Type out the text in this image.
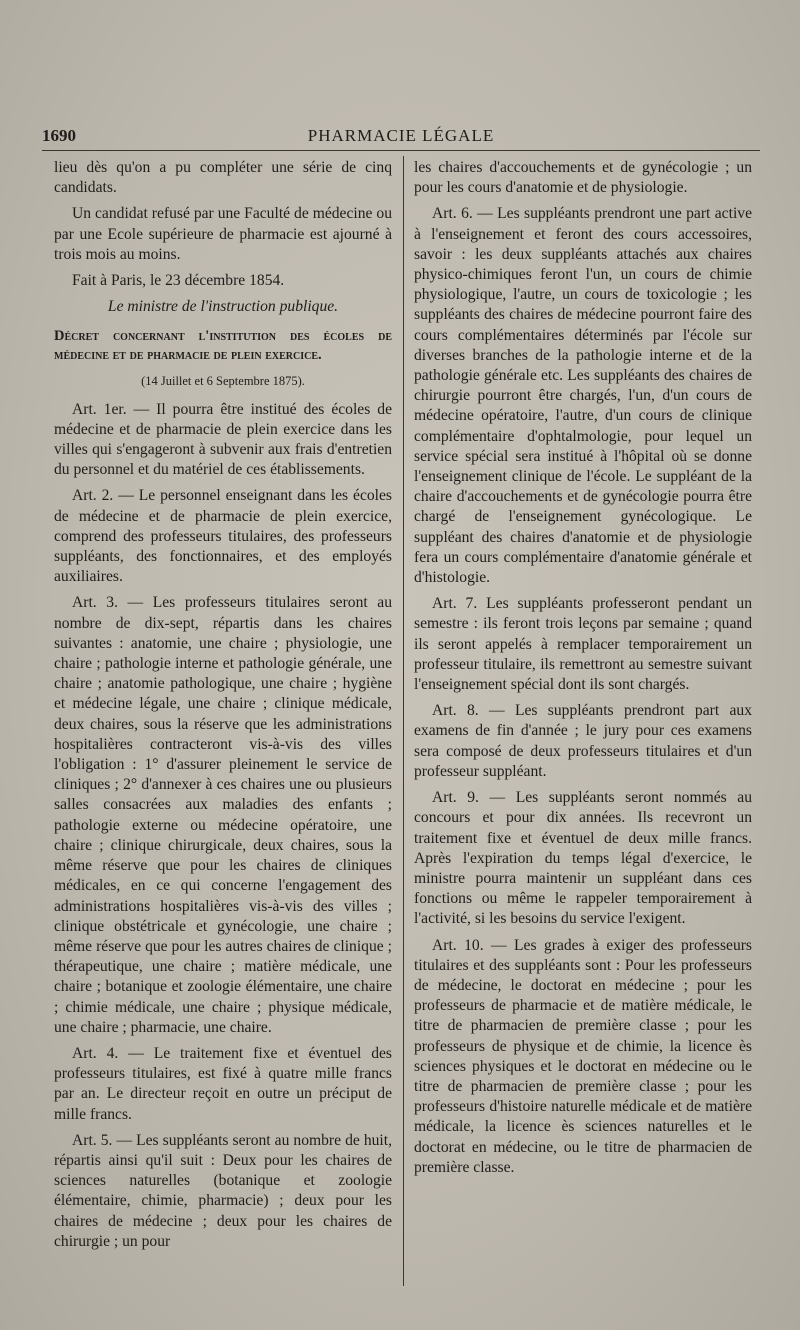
1690	PHARMACIE LÉGALE

lieu dès qu'on a pu compléter une série de cinq candidats.

Un candidat refusé par une Faculté de médecine ou par une Ecole supérieure de pharmacie est ajourné à trois mois au moins.

Fait à Paris, le 23 décembre 1854.

Le ministre de l'instruction publique.

Décret concernant l'institution des écoles de médecine et de pharmacie de plein exercice.

(14 Juillet et 6 Septembre 1875).

Art. 1er. — Il pourra être institué des écoles de médecine et de pharmacie de plein exercice dans les villes qui s'engageront à subvenir aux frais d'entretien du personnel et du matériel de ces établissements.

Art. 2. — Le personnel enseignant dans les écoles de médecine et de pharmacie de plein exercice, comprend des professeurs titulaires, des professeurs suppléants, des fonctionnaires, et des employés auxiliaires.

Art. 3. — Les professeurs titulaires seront au nombre de dix-sept, répartis dans les chaires suivantes : anatomie, une chaire ; physiologie, une chaire ; pathologie interne et pathologie générale, une chaire ; anatomie pathologique, une chaire ; hygiène et médecine légale, une chaire ; clinique médicale, deux chaires, sous la réserve que les administrations hospitalières contracteront vis-à-vis des villes l'obligation : 1° d'assurer pleinement le service de cliniques ; 2° d'annexer à ces chaires une ou plusieurs salles consacrées aux maladies des enfants ; pathologie externe ou médecine opératoire, une chaire ; clinique chirurgicale, deux chaires, sous la même réserve que pour les chaires de cliniques médicales, en ce qui concerne l'engagement des administrations hospitalières vis-à-vis des villes ; clinique obstétricale et gynécologie, une chaire ; même réserve que pour les autres chaires de clinique ; thérapeutique, une chaire ; matière médicale, une chaire ; botanique et zoologie élémentaire, une chaire ; chimie médicale, une chaire ; physique médicale, une chaire ; pharmacie, une chaire.

Art. 4. — Le traitement fixe et éventuel des professeurs titulaires, est fixé à quatre mille francs par an. Le directeur reçoit en outre un préciput de mille francs.

Art. 5. — Les suppléants seront au nombre de huit, répartis ainsi qu'il suit : Deux pour les chaires de sciences naturelles (botanique et zoologie élémentaire, chimie, pharmacie) ; deux pour les chaires de médecine ; deux pour les chaires de chirurgie ; un pour

les chaires d'accouchements et de gynécologie ; un pour les cours d'anatomie et de physiologie.

Art. 6. — Les suppléants prendront une part active à l'enseignement et feront des cours accessoires, savoir : les deux suppléants attachés aux chaires physico-chimiques feront l'un, un cours de chimie physiologique, l'autre, un cours de toxicologie ; les suppléants des chaires de médecine pourront faire des cours complémentaires déterminés par l'école sur diverses branches de la pathologie interne et de la pathologie générale etc. Les suppléants des chaires de chirurgie pourront être chargés, l'un, d'un cours de médecine opératoire, l'autre, d'un cours de clinique complémentaire d'ophtalmologie, pour lequel un service spécial sera institué à l'hôpital où se donne l'enseignement clinique de l'école. Le suppléant de la chaire d'accouchements et de gynécologie pourra être chargé de l'enseignement gynécologique. Le suppléant des chaires d'anatomie et de physiologie fera un cours complémentaire d'anatomie générale et d'histologie.

Art. 7. Les suppléants professeront pendant un semestre : ils feront trois leçons par semaine ; quand ils seront appelés à remplacer temporairement un professeur titulaire, ils remettront au semestre suivant l'enseignement spécial dont ils sont chargés.

Art. 8. — Les suppléants prendront part aux examens de fin d'année ; le jury pour ces examens sera composé de deux professeurs titulaires et d'un professeur suppléant.

Art. 9. — Les suppléants seront nommés au concours et pour dix années. Ils recevront un traitement fixe et éventuel de deux mille francs. Après l'expiration du temps légal d'exercice, le ministre pourra maintenir un suppléant dans ces fonctions ou même le rappeler temporairement à l'activité, si les besoins du service l'exigent.

Art. 10. — Les grades à exiger des professeurs titulaires et des suppléants sont : Pour les professeurs de médecine, le doctorat en médecine ; pour les professeurs de pharmacie et de matière médicale, le titre de pharmacien de première classe ; pour les professeurs de physique et de chimie, la licence ès sciences physiques et le doctorat en médecine ou le titre de pharmacien de première classe ; pour les professeurs d'histoire naturelle médicale et de matière médicale, la licence ès sciences naturelles et le doctorat en médecine, ou le titre de pharmacien de première classe.
